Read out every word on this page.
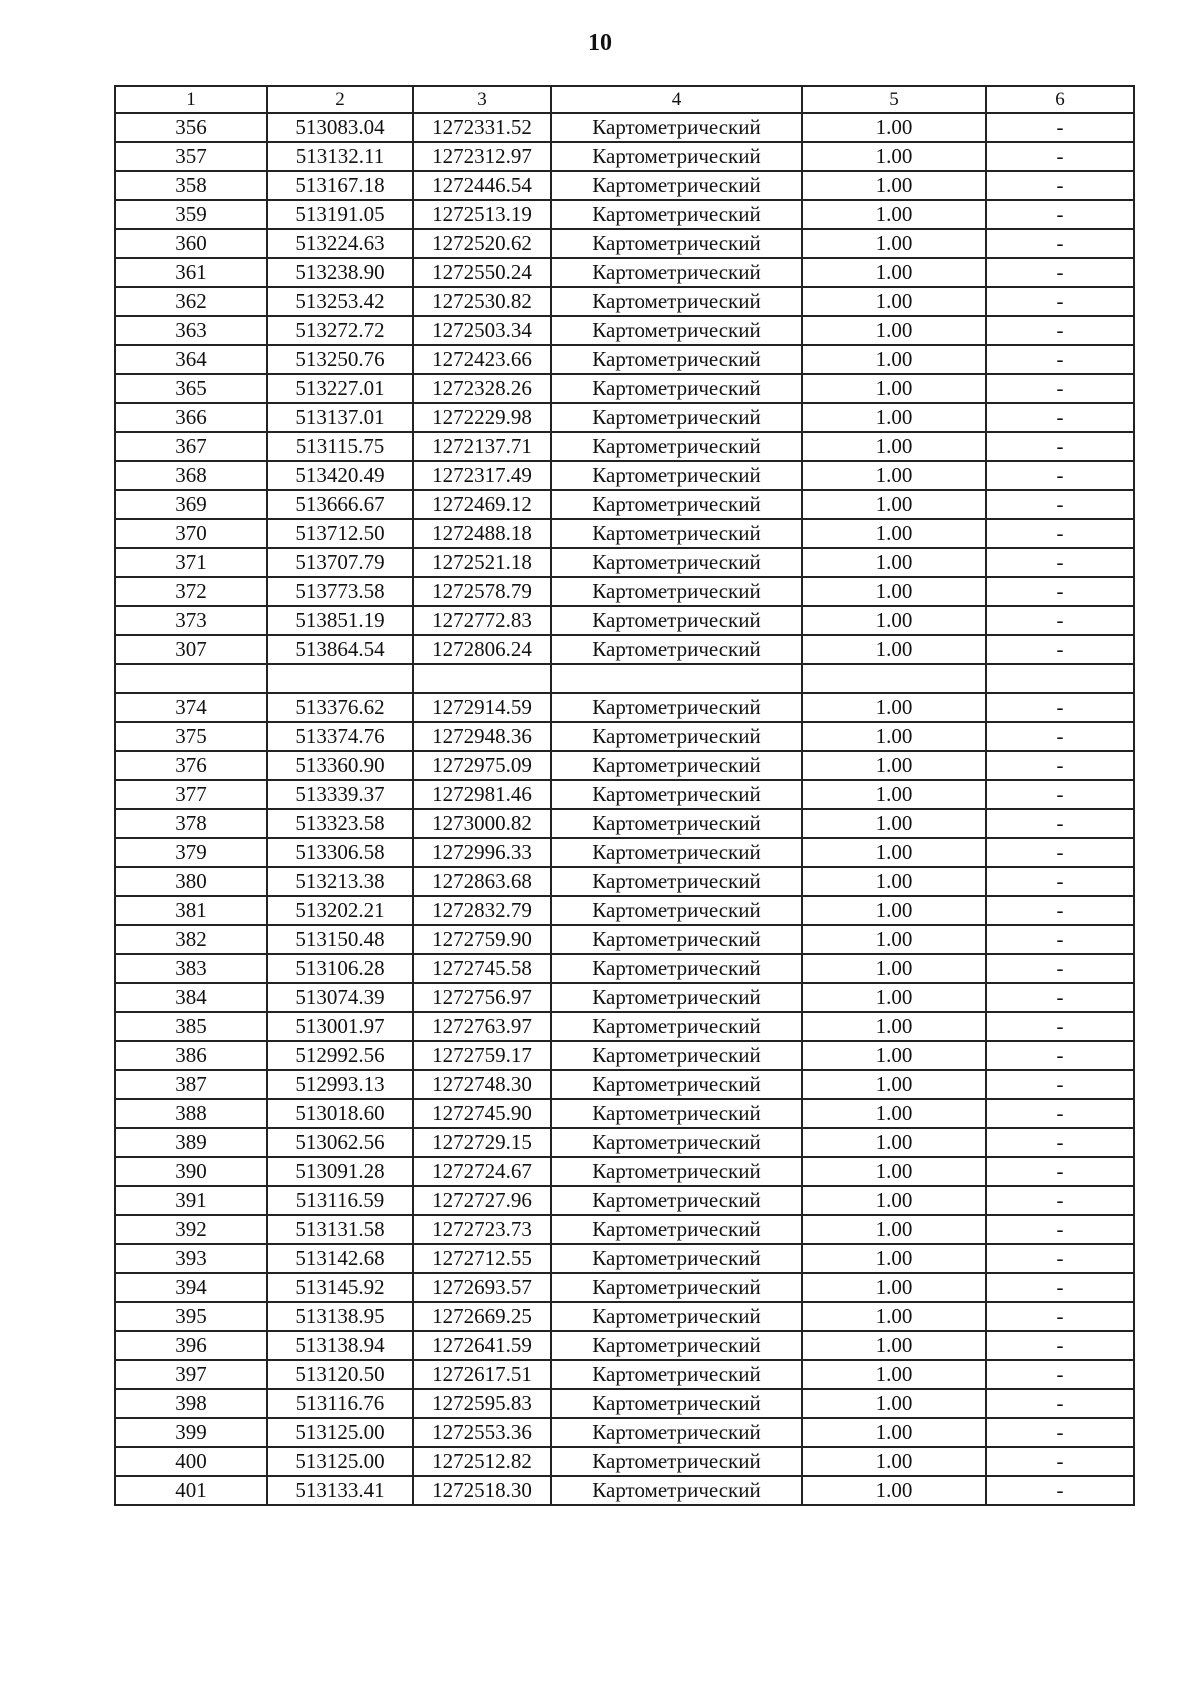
10
1	2	3	4	5	6
356	513083.04	1272331.52	Картометрический	1.00	-
357	513132.11	1272312.97	Картометрический	1.00	-
358	513167.18	1272446.54	Картометрический	1.00	-
359	513191.05	1272513.19	Картометрический	1.00	-
360	513224.63	1272520.62	Картометрический	1.00	-
361	513238.90	1272550.24	Картометрический	1.00	-
362	513253.42	1272530.82	Картометрический	1.00	-
363	513272.72	1272503.34	Картометрический	1.00	-
364	513250.76	1272423.66	Картометрический	1.00	-
365	513227.01	1272328.26	Картометрический	1.00	-
366	513137.01	1272229.98	Картометрический	1.00	-
367	513115.75	1272137.71	Картометрический	1.00	-
368	513420.49	1272317.49	Картометрический	1.00	-
369	513666.67	1272469.12	Картометрический	1.00	-
370	513712.50	1272488.18	Картометрический	1.00	-
371	513707.79	1272521.18	Картометрический	1.00	-
372	513773.58	1272578.79	Картометрический	1.00	-
373	513851.19	1272772.83	Картометрический	1.00	-
307	513864.54	1272806.24	Картометрический	1.00	-

374	513376.62	1272914.59	Картометрический	1.00	-
375	513374.76	1272948.36	Картометрический	1.00	-
376	513360.90	1272975.09	Картометрический	1.00	-
377	513339.37	1272981.46	Картометрический	1.00	-
378	513323.58	1273000.82	Картометрический	1.00	-
379	513306.58	1272996.33	Картометрический	1.00	-
380	513213.38	1272863.68	Картометрический	1.00	-
381	513202.21	1272832.79	Картометрический	1.00	-
382	513150.48	1272759.90	Картометрический	1.00	-
383	513106.28	1272745.58	Картометрический	1.00	-
384	513074.39	1272756.97	Картометрический	1.00	-
385	513001.97	1272763.97	Картометрический	1.00	-
386	512992.56	1272759.17	Картометрический	1.00	-
387	512993.13	1272748.30	Картометрический	1.00	-
388	513018.60	1272745.90	Картометрический	1.00	-
389	513062.56	1272729.15	Картометрический	1.00	-
390	513091.28	1272724.67	Картометрический	1.00	-
391	513116.59	1272727.96	Картометрический	1.00	-
392	513131.58	1272723.73	Картометрический	1.00	-
393	513142.68	1272712.55	Картометрический	1.00	-
394	513145.92	1272693.57	Картометрический	1.00	-
395	513138.95	1272669.25	Картометрический	1.00	-
396	513138.94	1272641.59	Картометрический	1.00	-
397	513120.50	1272617.51	Картометрический	1.00	-
398	513116.76	1272595.83	Картометрический	1.00	-
399	513125.00	1272553.36	Картометрический	1.00	-
400	513125.00	1272512.82	Картометрический	1.00	-
401	513133.41	1272518.30	Картометрический	1.00	-
